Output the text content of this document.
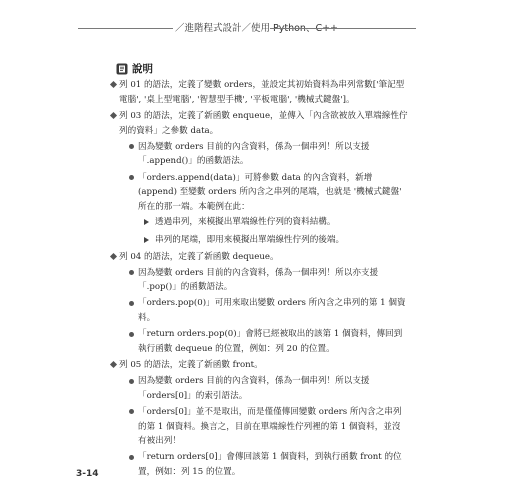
／進階程式設計／使用 Python、C++
說明

列 01 的語法，定義了變數 orders，並設定其初始資料為串列常數['筆記型電腦', '桌上型電腦', '智慧型手機', '平板電腦', '機械式鍵盤']。

列 03 的語法，定義了新函數 enqueue，並傳入「內含欲被放入單端線性佇列的資料」之參數 data。

因為變數 orders 目前的內含資料，係為一個串列！所以支援「.append()」的函數語法。

「orders.append(data)」可將參數 data 的內含資料，新增 (append) 至變數 orders 所內含之串列的尾端，也就是 '機械式鍵盤' 所在的那一端。本範例在此：

透過串列，來模擬出單端線性佇列的資料結構。

串列的尾端，即用來模擬出單端線性佇列的後端。

列 04 的語法，定義了新函數 dequeue。

因為變數 orders 目前的內含資料，係為一個串列！所以亦支援「.pop()」的函數語法。

「orders.pop(0)」可用來取出變數 orders 所內含之串列的第 1 個資料。

「return orders.pop(0)」會將已經被取出的該第 1 個資料，傳回到執行函數 dequeue 的位置，例如：列 20 的位置。

列 05 的語法，定義了新函數 front。

因為變數 orders 目前的內含資料，係為一個串列！所以支援「orders[0]」的索引語法。

「orders[0]」並不是取出，而是僅僅傳回變數 orders 所內含之串列的第 1 個資料。換言之，目前在單端線性佇列裡的第 1 個資料，並沒有被出列！

「return orders[0]」會傳回該第 1 個資料，到執行函數 front 的位置，例如：列 15 的位置。

3-14
